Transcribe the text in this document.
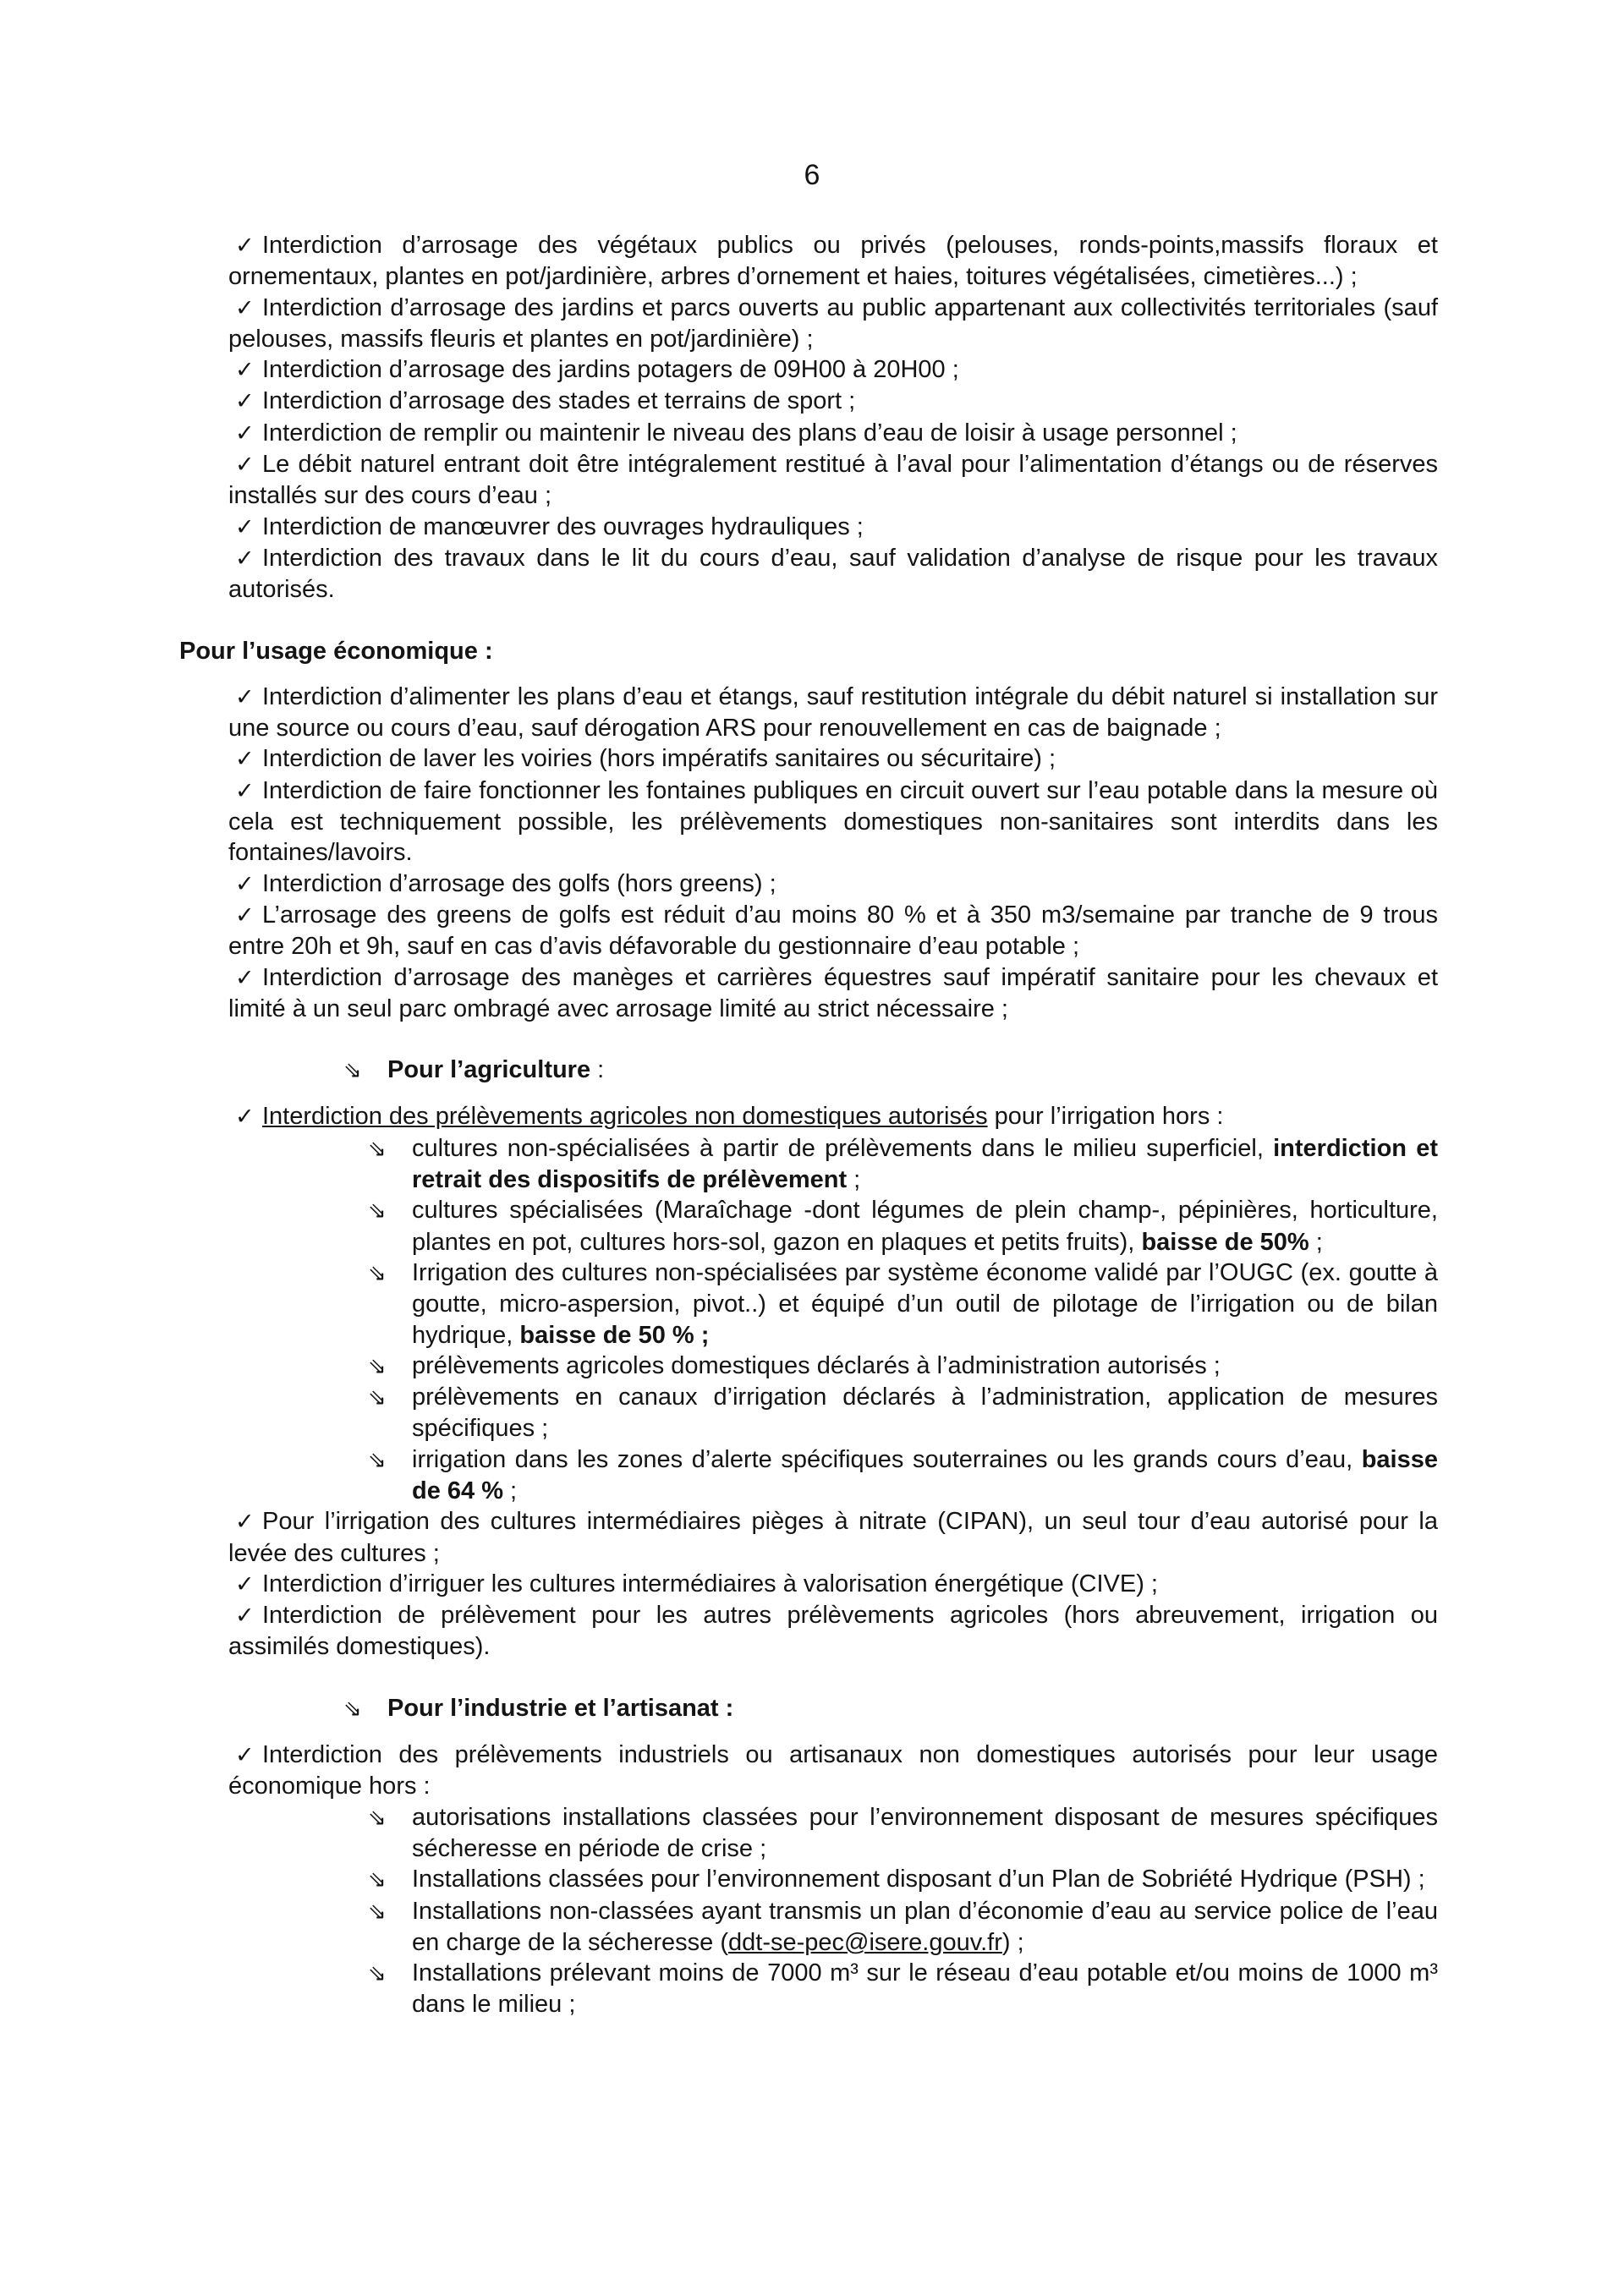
6

✓ Interdiction d’arrosage des végétaux publics ou privés (pelouses, ronds-points,massifs floraux et ornementaux, plantes en pot/jardinière, arbres d’ornement et haies, toitures végétalisées, cimetières...) ;

✓ Interdiction d’arrosage des jardins et parcs ouverts au public appartenant aux collectivités territoriales (sauf pelouses, massifs fleuris et plantes en pot/jardinière) ;

✓ Interdiction d’arrosage des jardins potagers de 09H00 à 20H00 ;

✓ Interdiction d’arrosage des stades et terrains de sport ;

✓ Interdiction de remplir ou maintenir le niveau des plans d’eau de loisir à usage personnel ;

✓ Le débit naturel entrant doit être intégralement restitué à l’aval pour l’alimentation d’étangs ou de réserves installés sur des cours d’eau ;

✓ Interdiction de manœuvrer des ouvrages hydrauliques ;

✓ Interdiction des travaux dans le lit du cours d’eau, sauf validation d’analyse de risque pour les travaux autorisés.

Pour l’usage économique :

✓ Interdiction d’alimenter les plans d’eau et étangs, sauf restitution intégrale du débit naturel si installation sur une source ou cours d’eau, sauf dérogation ARS pour renouvellement en cas de baignade ;

✓ Interdiction de laver les voiries (hors impératifs sanitaires ou sécuritaire) ;

✓ Interdiction de faire fonctionner les fontaines publiques en circuit ouvert sur l’eau potable dans la mesure où cela est techniquement possible, les prélèvements domestiques non-sanitaires sont interdits dans les fontaines/lavoirs.

✓ Interdiction d’arrosage des golfs (hors greens) ;

✓ L’arrosage des greens de golfs est réduit d’au moins 80 % et à 350 m3/semaine par tranche de 9 trous entre 20h et 9h, sauf en cas d’avis défavorable du gestionnaire d’eau potable ;

✓ Interdiction d’arrosage des manèges et carrières équestres sauf impératif sanitaire pour les chevaux et limité à un seul parc ombragé avec arrosage limité au strict nécessaire ;

⇘ Pour l’agriculture :

✓ Interdiction des prélèvements agricoles non domestiques autorisés pour l’irrigation hors :

⇘ cultures non-spécialisées à partir de prélèvements dans le milieu superficiel, interdiction et retrait des dispositifs de prélèvement ;

⇘ cultures spécialisées (Maraîchage -dont légumes de plein champ-, pépinières, horticulture, plantes en pot, cultures hors-sol, gazon en plaques et petits fruits), baisse de 50% ;

⇘ Irrigation des cultures non-spécialisées par système économe validé par l’OUGC (ex. goutte à goutte, micro-aspersion, pivot..) et équipé d’un outil de pilotage de l’irrigation ou de bilan hydrique, baisse de 50 % ;

⇘ prélèvements agricoles domestiques déclarés à l’administration autorisés ;

⇘ prélèvements en canaux d’irrigation déclarés à l’administration, application de mesures spécifiques ;

⇘ irrigation dans les zones d’alerte spécifiques souterraines ou les grands cours d’eau, baisse de 64 % ;

✓ Pour l’irrigation des cultures intermédiaires pièges à nitrate (CIPAN), un seul tour d’eau autorisé pour la levée des cultures ;

✓ Interdiction d’irriguer les cultures intermédiaires à valorisation énergétique (CIVE) ;

✓ Interdiction de prélèvement pour les autres prélèvements agricoles (hors abreuvement, irrigation ou assimilés domestiques).

⇘ Pour l’industrie et l’artisanat :

✓ Interdiction des prélèvements industriels ou artisanaux non domestiques autorisés pour leur usage économique hors :

⇘ autorisations installations classées pour l’environnement disposant de mesures spécifiques sécheresse en période de crise ;

⇘ Installations classées pour l’environnement disposant d’un Plan de Sobriété Hydrique (PSH) ;

⇘ Installations non-classées ayant transmis un plan d’économie d’eau au service police de l’eau en charge de la sécheresse (ddt-se-pec@isere.gouv.fr) ;

⇘ Installations prélevant moins de 7000 m³ sur le réseau d’eau potable et/ou moins de 1000 m³ dans le milieu ;
